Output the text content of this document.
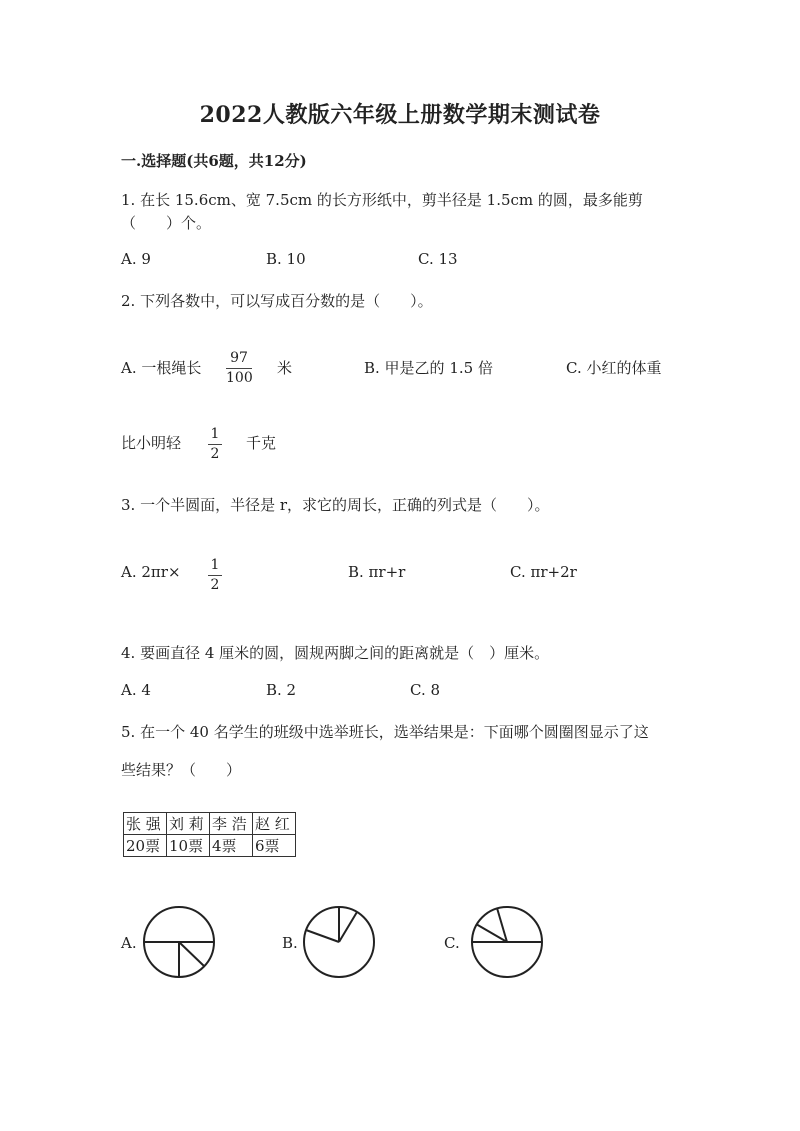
2022人教版六年级上册数学期末测试卷
一.选择题(共6题，共12分)
1. 在长 15.6cm、宽 7.5cm 的长方形纸中，剪半径是 1.5cm 的圆，最多能剪
（　　）个。
A. 9	B. 10	C. 13
2. 下列各数中，可以写成百分数的是（　　）。
A. 一根绳长
97
100
米	B. 甲是乙的 1.5 倍	C. 小红的体重
比小明轻 1
2
千克
3. 一个半圆面，半径是 r，求它的周长，正确的列式是（　　）。
A. 2πr× 1
2
B. πr+r	C. πr+2r
4. 要画直径 4 厘米的圆，圆规两脚之间的距离就是（　）厘米。
A. 4	B. 2	C. 8
5. 在一个 40 名学生的班级中选举班长，选举结果是：下面哪个圆圈图显示了这
些结果？（　　）
张 强	刘 莉	李 浩	赵 红
20票	10票	4票	6票
A.	B.	C.
